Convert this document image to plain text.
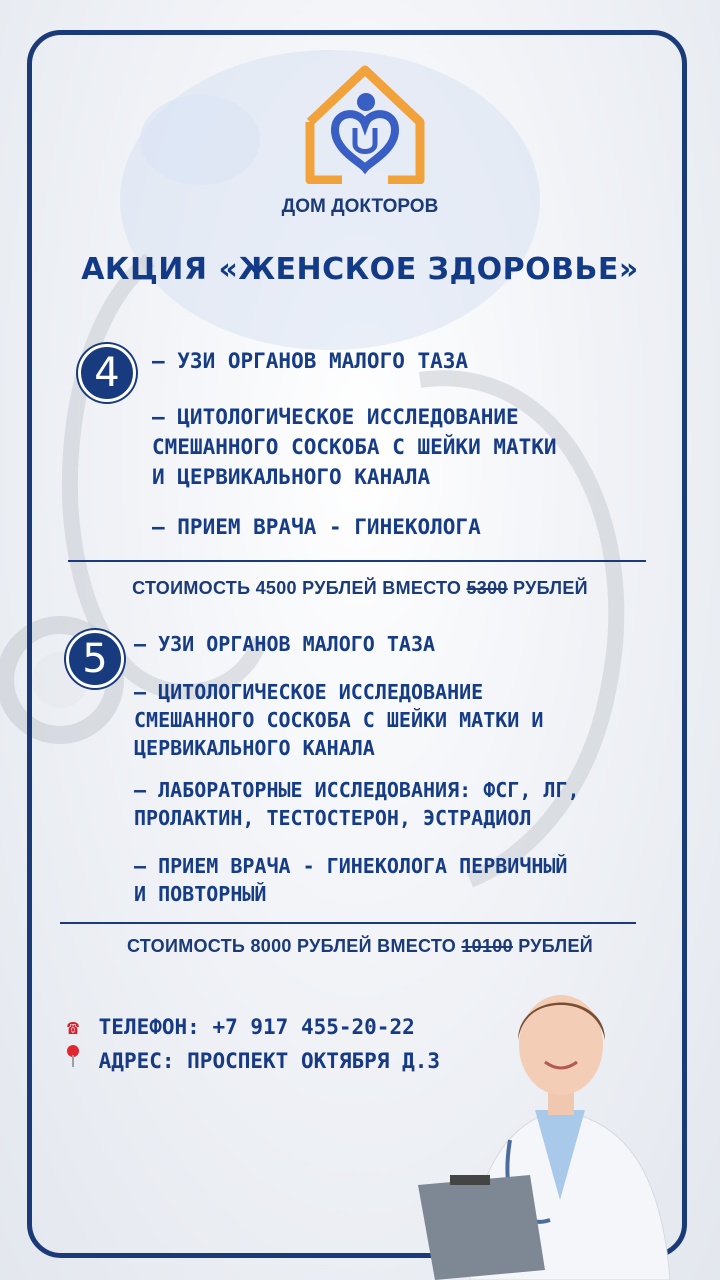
ДОМ ДОКТОРОВ
АКЦИЯ «ЖЕНСКОЕ ЗДОРОВЬЕ»
4	– УЗИ ОРГАНОВ МАЛОГО ТАЗА
– ЦИТОЛОГИЧЕСКОЕ ИССЛЕДОВАНИЕ
СМЕШАННОГО СОСКОБА С ШЕЙКИ МАТКИ
И ЦЕРВИКАЛЬНОГО КАНАЛА
– ПРИЕМ ВРАЧА - ГИНЕКОЛОГА
СТОИМОСТЬ 4500 РУБЛЕЙ ВМЕСТО 5300 РУБЛЕЙ
5	– УЗИ ОРГАНОВ МАЛОГО ТАЗА
– ЦИТОЛОГИЧЕСКОЕ ИССЛЕДОВАНИЕ
СМЕШАННОГО СОСКОБА С ШЕЙКИ МАТКИ И
ЦЕРВИКАЛЬНОГО КАНАЛА
– ЛАБОРАТОРНЫЕ ИССЛЕДОВАНИЯ: ФСГ, ЛГ,
ПРОЛАКТИН, ТЕСТОСТЕРОН, ЭСТРАДИОЛ
– ПРИЕМ ВРАЧА - ГИНЕКОЛОГА ПЕРВИЧНЫЙ
И ПОВТОРНЫЙ
СТОИМОСТЬ 8000 РУБЛЕЙ ВМЕСТО 10100 РУБЛЕЙ
☎ ТЕЛЕФОН: +7 917 455-20-22
АДРЕС: ПРОСПЕКТ ОКТЯБРЯ Д.3
